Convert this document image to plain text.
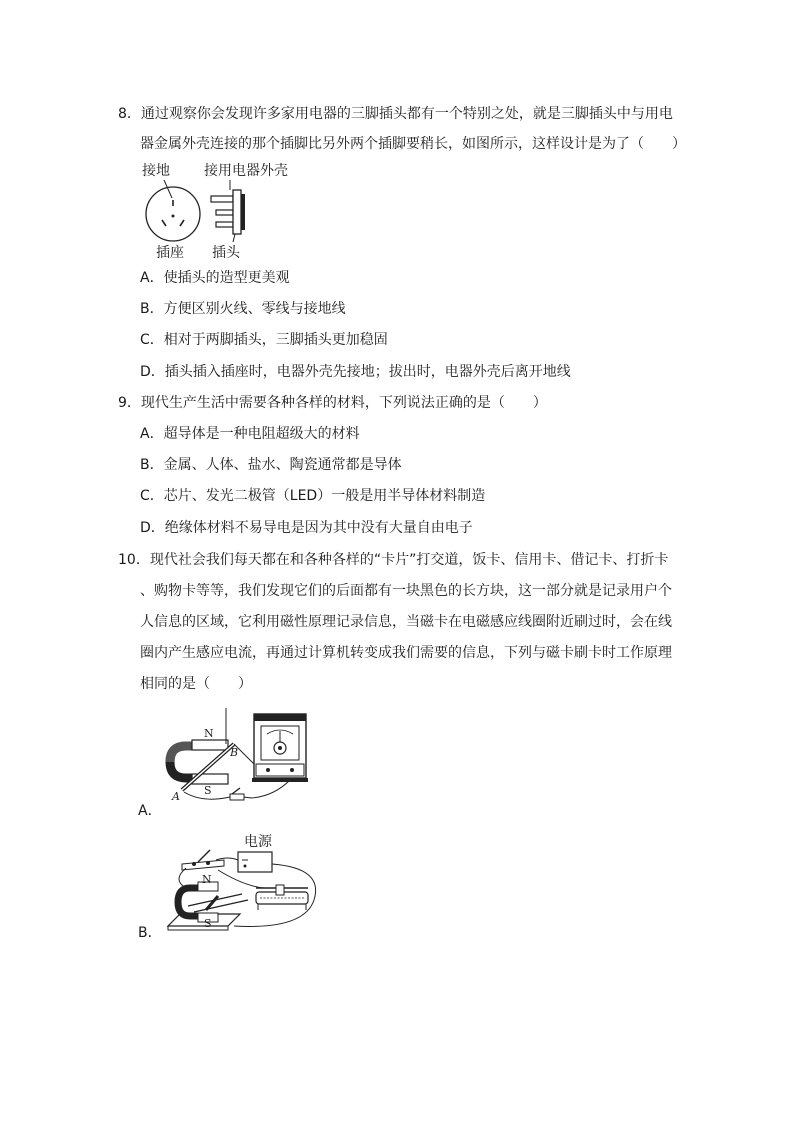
8．通过观察你会发现许多家用电器的三脚插头都有一个特别之处，就是三脚插头中与用电
器金属外壳连接的那个插脚比另外两个插脚要稍长，如图所示，这样设计是为了（　　）
接地 接用电器外壳
插座 插头
A．使插头的造型更美观
B．方便区别火线、零线与接地线
C．相对于两脚插头，三脚插头更加稳固
D．插头插入插座时，电器外壳先接地；拔出时，电器外壳后离开地线
9．现代生产生活中需要各种各样的材料，下列说法正确的是（　　）
A．超导体是一种电阻超级大的材料
B．金属、人体、盐水、陶瓷通常都是导体
C．芯片、发光二极管（LED）一般是用半导体材料制造
D．绝缘体材料不易导电是因为其中没有大量自由电子
10．现代社会我们每天都在和各种各样的“卡片”打交道，饭卡、信用卡、借记卡、打折卡
、购物卡等等，我们发现它们的后面都有一块黑色的长方块，这一部分就是记录用户个
人信息的区域，它利用磁性原理记录信息，当磁卡在电磁感应线圈附近刷过时，会在线
圈内产生感应电流，再通过计算机转变成我们需要的信息，下列与磁卡刷卡时工作原理
相同的是（　　）
N
S
A
B
A．
电源
N
S
B．
